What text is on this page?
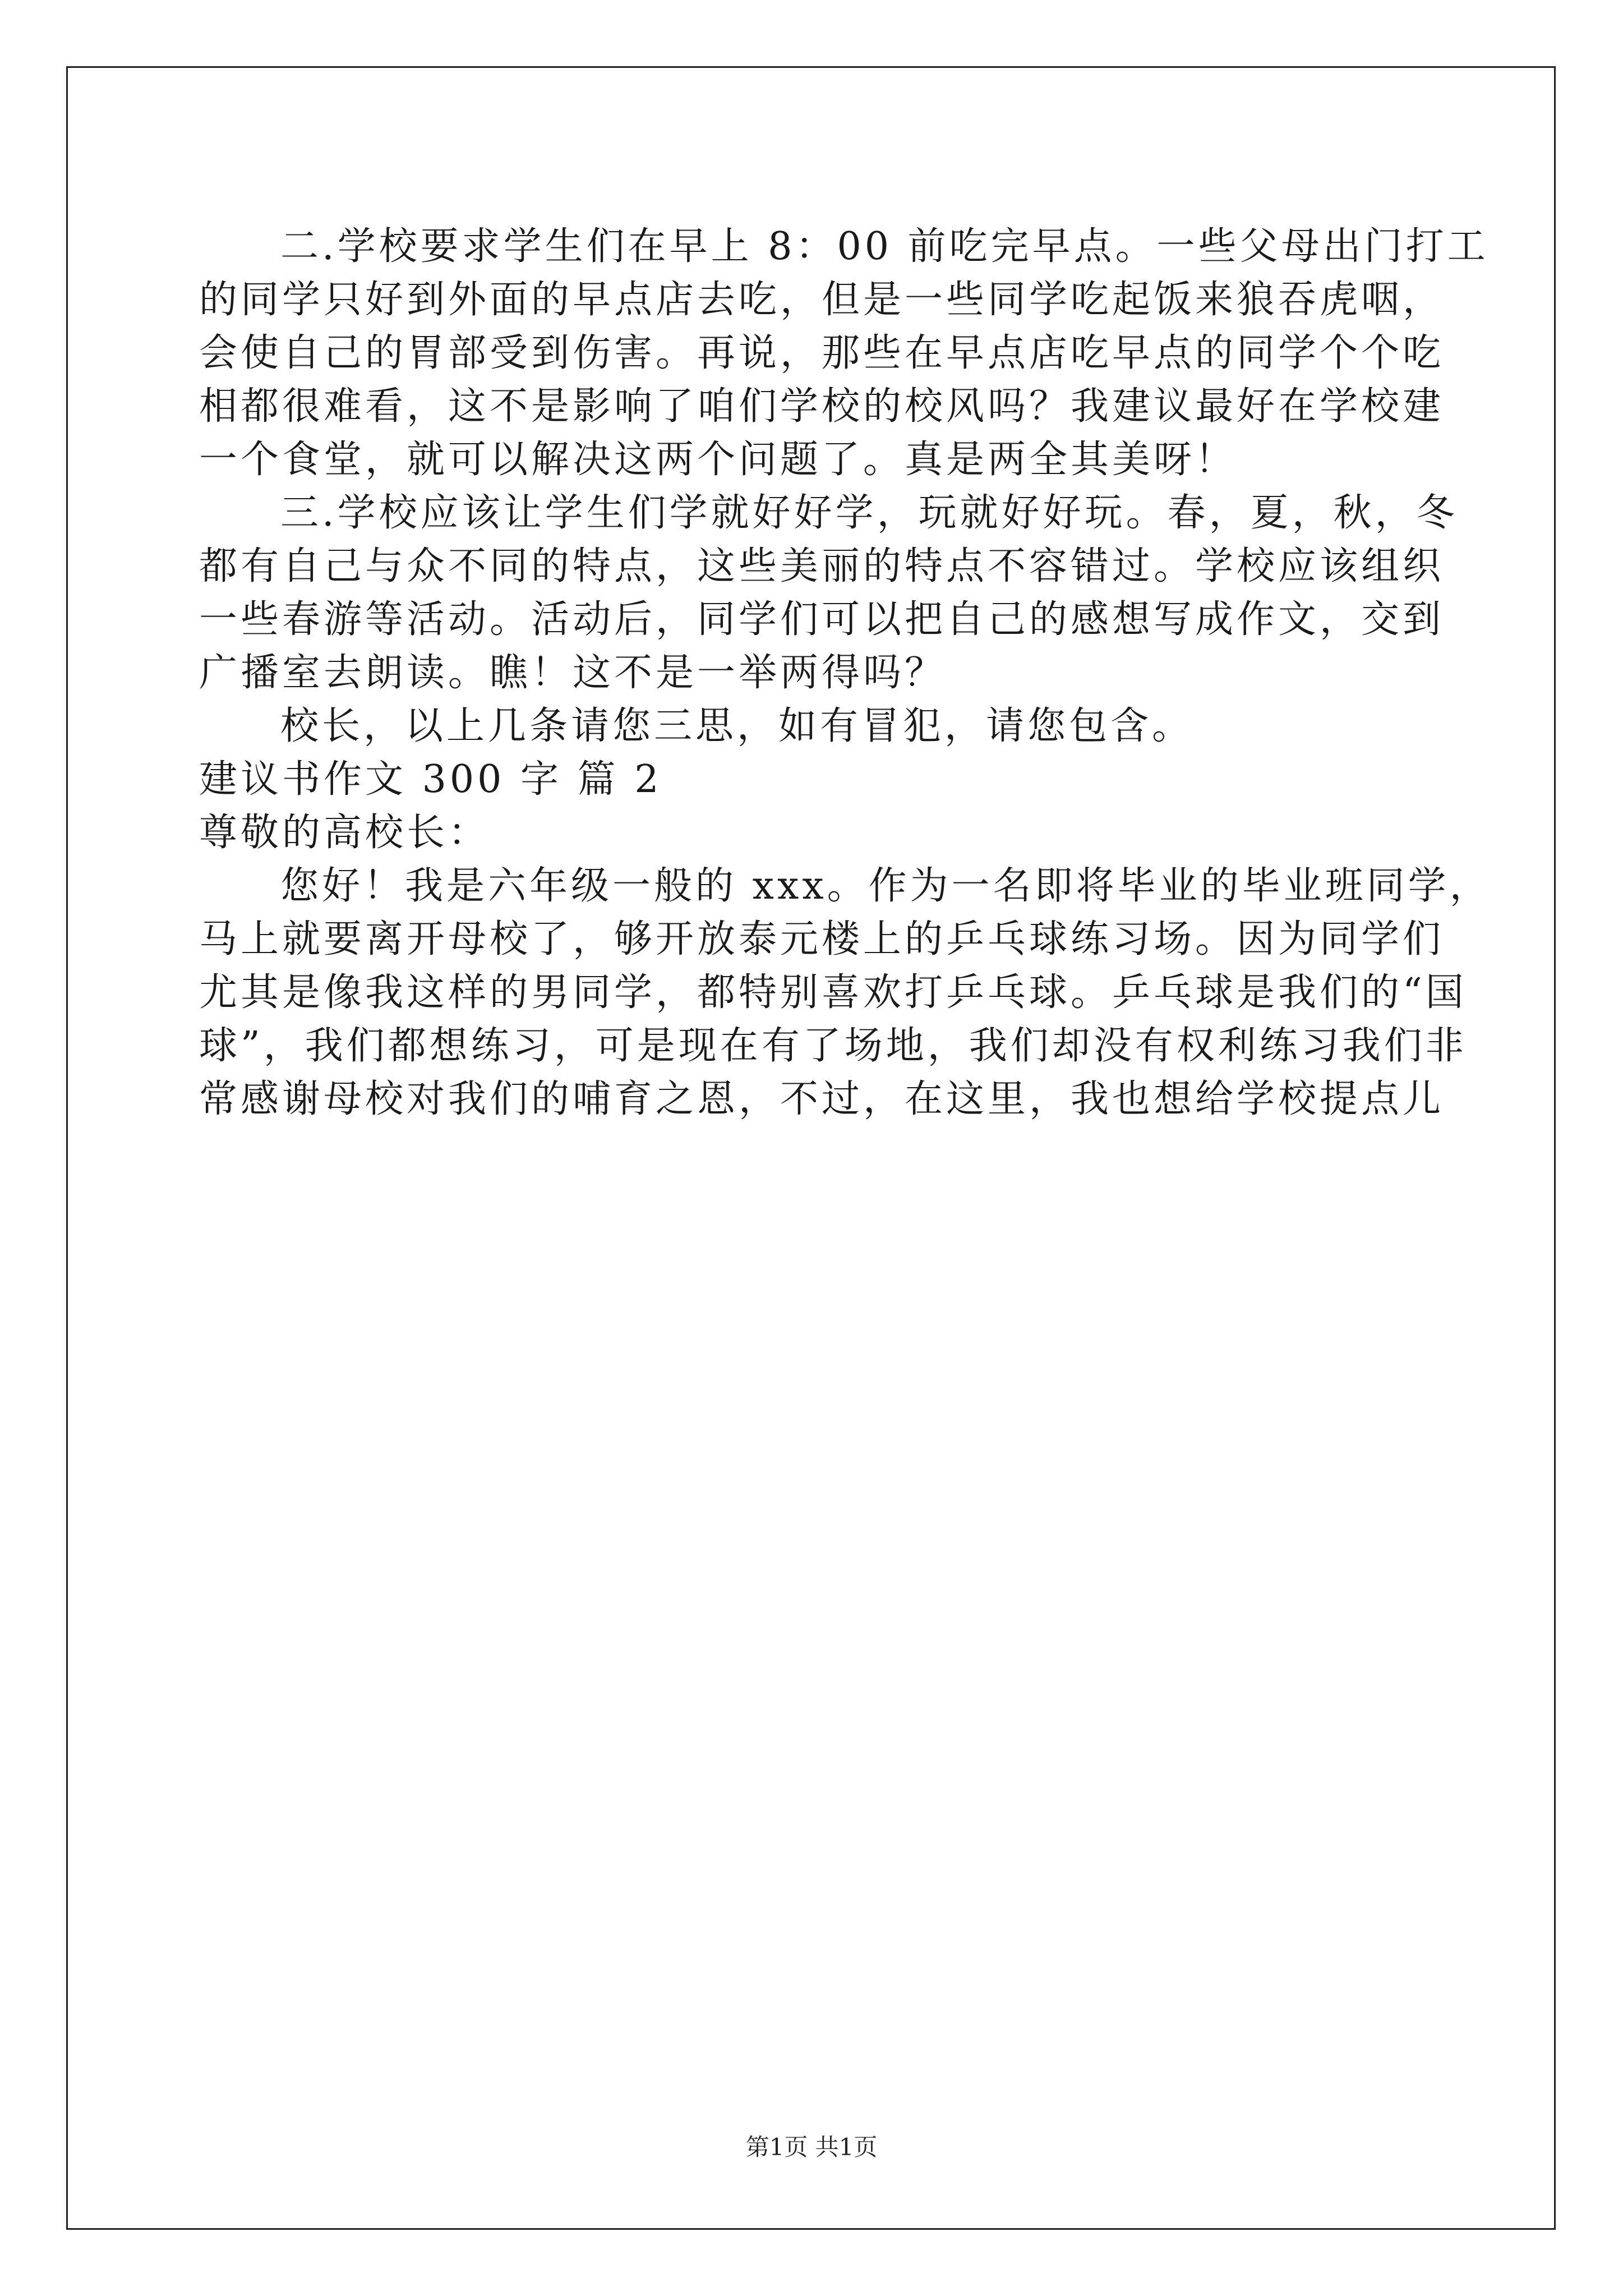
二.学校要求学生们在早上 8：00 前吃完早点。一些父母出门打工
的同学只好到外面的早点店去吃，但是一些同学吃起饭来狼吞虎咽，
会使自己的胃部受到伤害。再说，那些在早点店吃早点的同学个个吃
相都很难看，这不是影响了咱们学校的校风吗？我建议最好在学校建
一个食堂，就可以解决这两个问题了。真是两全其美呀！
三.学校应该让学生们学就好好学，玩就好好玩。春，夏，秋，冬
都有自己与众不同的特点，这些美丽的特点不容错过。学校应该组织
一些春游等活动。活动后，同学们可以把自己的感想写成作文，交到
广播室去朗读。瞧！这不是一举两得吗？
校长，以上几条请您三思，如有冒犯，请您包含。
建议书作文 300 字 篇 2
尊敬的高校长：
您好！我是六年级一般的 xxx。作为一名即将毕业的毕业班同学，
马上就要离开母校了，够开放泰元楼上的乒乓球练习场。因为同学们
尤其是像我这样的男同学，都特别喜欢打乒乓球。乒乓球是我们的“国
球”，我们都想练习，可是现在有了场地，我们却没有权利练习我们非
常感谢母校对我们的哺育之恩，不过，在这里，我也想给学校提点儿
第1页 共1页
